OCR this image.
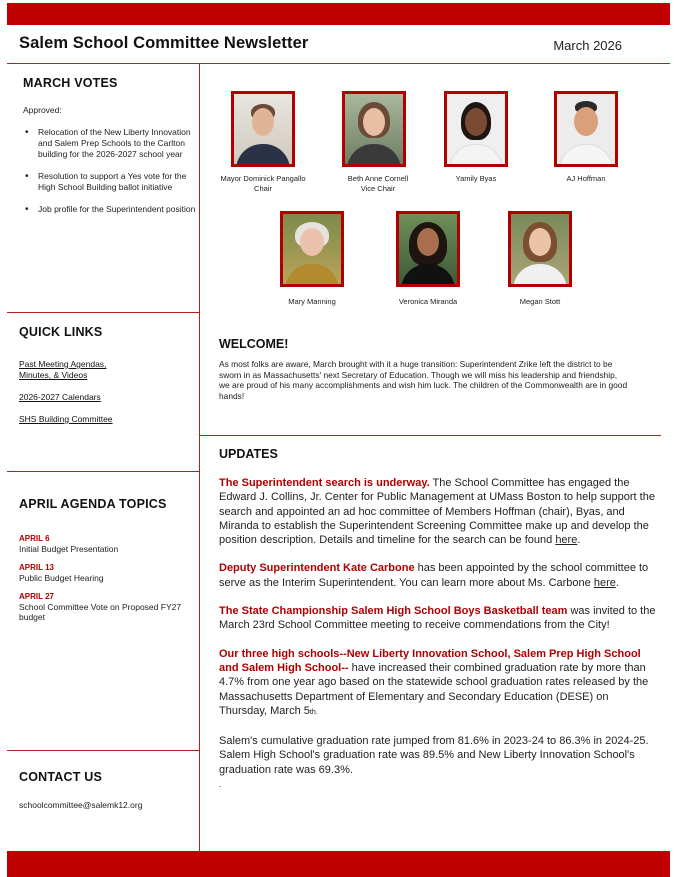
Salem School Committee Newsletter	March 2026
MARCH VOTES
Approved:
• Relocation of the New Liberty Innovation and Salem Prep Schools to the Carlton building for the 2026-2027 school year
• Resolution to support a Yes vote for the High School Building ballot initiative
• Job profile for the Superintendent position
QUICK LINKS
Past Meeting Agendas,
Minutes, & Videos
2026-2027 Calendars
SHS Building Committee
APRIL AGENDA TOPICS
APRIL 6
Initial Budget Presentation
APRIL 13
Public Budget Hearing
APRIL 27
School Committee Vote on Proposed FY27 budget
CONTACT US
schoolcommittee@salemk12.org
Mayor Dominick Pangallo
Chair
Beth Anne Cornell
Vice Chair
Yamily Byas	AJ Hoffman
Mary Manning	Veronica Miranda	Megan Stott
WELCOME!
As most folks are aware, March brought with it a huge transition: Superintendent Zrike left the district to be sworn in as Massachusetts' next Secretary of Education. Though we will miss his leadership and friendship, we are proud of his many accomplishments and wish him luck. The children of the Commonwealth are in good hands!
UPDATES

The Superintendent search is underway. The School Committee has engaged the Edward J. Collins, Jr. Center for Public Management at UMass Boston to help support the search and appointed an ad hoc committee of Members Hoffman (chair), Byas, and Miranda to establish the Superintendent Screening Committee make up and develop the position description. Details and timeline for the search can be found here.

Deputy Superintendent Kate Carbone has been appointed by the school committee to serve as the Interim Superintendent. You can learn more about Ms. Carbone here.

The State Championship Salem High School Boys Basketball team was invited to the March 23rd School Committee meeting to receive commendations from the City!

Our three high schools--New Liberty Innovation School, Salem Prep High School and Salem High School-- have increased their combined graduation rate by more than 4.7% from one year ago based on the statewide school graduation rates released by the Massachusetts Department of Elementary and Secondary Education (DESE) on Thursday, March 5th.

Salem's cumulative graduation rate jumped from 81.6% in 2023-24 to 86.3% in 2024-25. Salem High School's graduation rate was 89.5% and New Liberty Innovation School's graduation rate was 69.3%.

.
